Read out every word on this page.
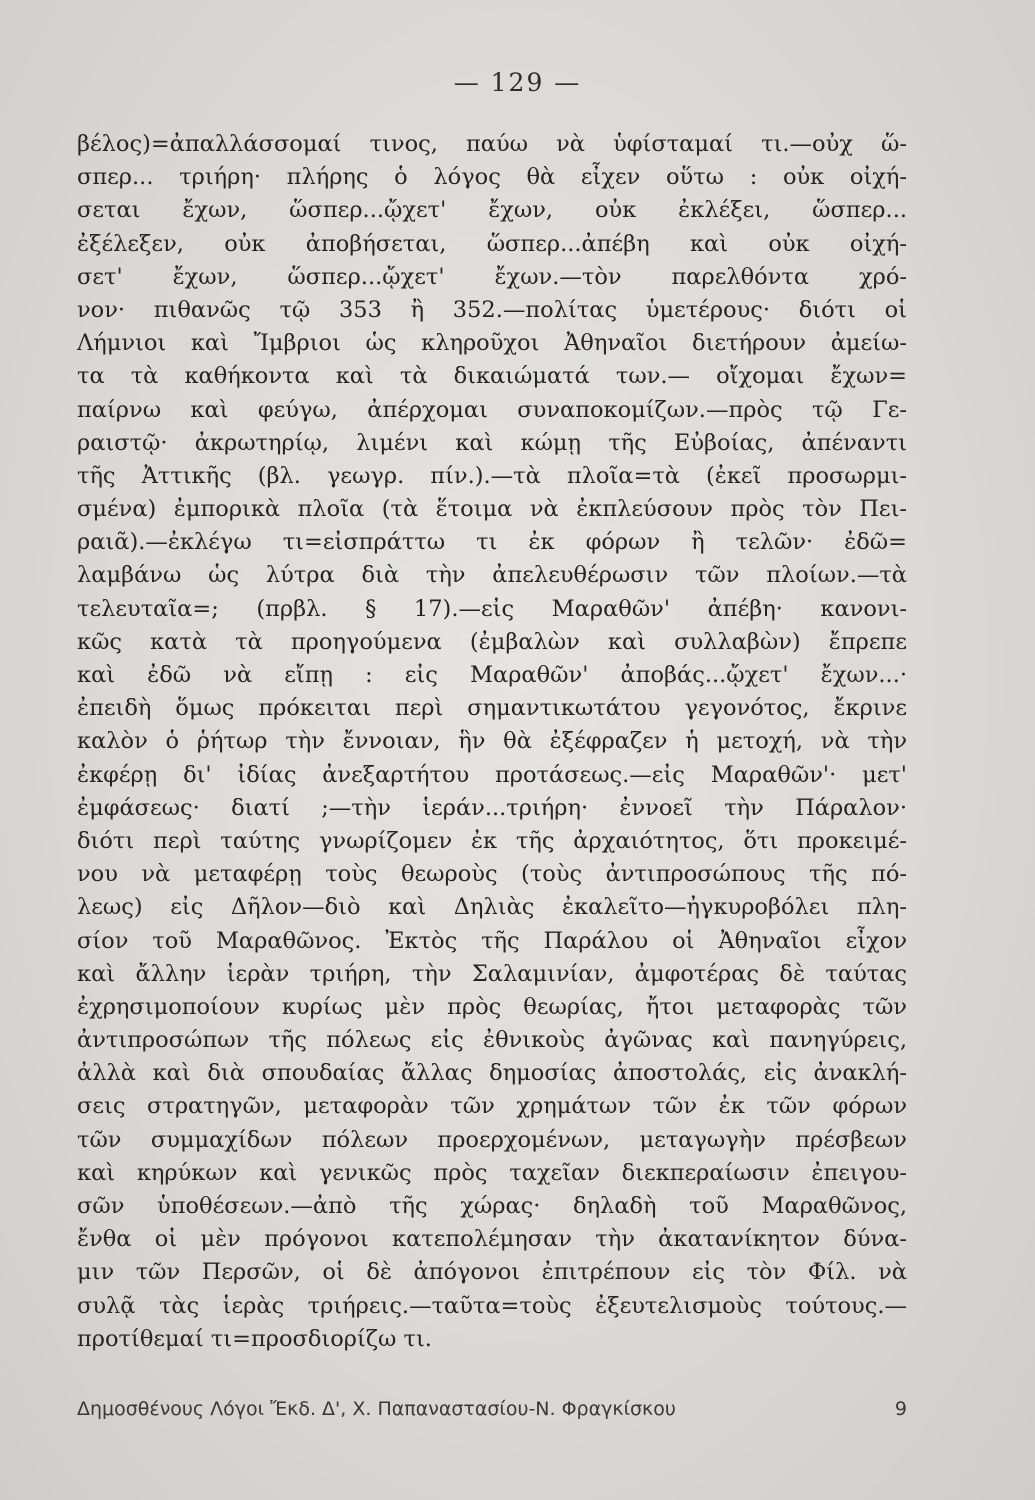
— 129 —
βέλος)=ἀπαλλάσσομαί τινος, παύω νὰ ὑφίσταμαί τι.—οὐχ ὥ-
σπερ... τριήρη· πλήρης ὁ λόγος θὰ εἶχεν οὕτω : οὐκ οἰχή-
σεται ἔχων, ὥσπερ...ᾤχετ' ἔχων, οὐκ ἐκλέξει, ὥσπερ...
ἐξέλεξεν, οὐκ ἀποβήσεται, ὥσπερ...ἀπέβη καὶ οὐκ οἰχή-
σετ' ἔχων, ὥσπερ...ᾤχετ' ἔχων.—τὸν παρελθόντα χρό-
νον· πιθανῶς τῷ 353 ἢ 352.—πολίτας ὑμετέρους· διότι οἱ
Λήμνιοι καὶ Ἴμβριοι ὡς κληροῦχοι Ἀθηναῖοι διετήρουν ἀμείω-
τα τὰ καθήκοντα καὶ τὰ δικαιώματά των.— οἴχομαι ἔχων=
παίρνω καὶ φεύγω, ἀπέρχομαι συναποκομίζων.—πρὸς τῷ Γε-
ραιστῷ· ἀκρωτηρίῳ, λιμένι καὶ κώμῃ τῆς Εὐβοίας, ἀπέναντι
τῆς Ἀττικῆς (βλ. γεωγρ. πίν.).—τὰ πλοῖα=τὰ (ἐκεῖ προσωρμι-
σμένα) ἐμπορικὰ πλοῖα (τὰ ἕτοιμα νὰ ἐκπλεύσουν πρὸς τὸν Πει-
ραιᾶ).—ἐκλέγω τι=εἰσπράττω τι ἐκ φόρων ἢ τελῶν· ἐδῶ=
λαμβάνω ὡς λύτρα διὰ τὴν ἀπελευθέρωσιν τῶν πλοίων.—τὰ
τελευταῖα=; (πρβλ. § 17).—εἰς Μαραθῶν' ἀπέβη· κανονι-
κῶς κατὰ τὰ προηγούμενα (ἐμβαλὼν καὶ συλλαβὼν) ἔπρεπε
καὶ ἐδῶ νὰ εἴπῃ : εἰς Μαραθῶν' ἀποβάς...ᾤχετ' ἔχων...·
ἐπειδὴ ὅμως πρόκειται περὶ σημαντικωτάτου γεγονότος, ἔκρινε
καλὸν ὁ ῥήτωρ τὴν ἔννοιαν, ἣν θὰ ἐξέφραζεν ἡ μετοχή, νὰ τὴν
ἐκφέρῃ δι' ἰδίας ἀνεξαρτήτου προτάσεως.—εἰς Μαραθῶν'· μετ'
ἐμφάσεως· διατί ;—τὴν ἱεράν...τριήρη· ἐννοεῖ τὴν Πάραλον·
διότι περὶ ταύτης γνωρίζομεν ἐκ τῆς ἀρχαιότητος, ὅτι προκειμέ-
νου νὰ μεταφέρῃ τοὺς θεωροὺς (τοὺς ἀντιπροσώπους τῆς πό-
λεως) εἰς Δῆλον—διὸ καὶ Δηλιὰς ἐκαλεῖτο—ἠγκυροβόλει πλη-
σίον τοῦ Μαραθῶνος. Ἐκτὸς τῆς Παράλου οἱ Ἀθηναῖοι εἶχον
καὶ ἄλλην ἱερὰν τριήρη, τὴν Σαλαμινίαν, ἀμφοτέρας δὲ ταύτας
ἐχρησιμοποίουν κυρίως μὲν πρὸς θεωρίας, ἤτοι μεταφορὰς τῶν
ἀντιπροσώπων τῆς πόλεως εἰς ἐθνικοὺς ἀγῶνας καὶ πανηγύρεις,
ἀλλὰ καὶ διὰ σπουδαίας ἄλλας δημοσίας ἀποστολάς, εἰς ἀνακλή-
σεις στρατηγῶν, μεταφορὰν τῶν χρημάτων τῶν ἐκ τῶν φόρων
τῶν συμμαχίδων πόλεων προερχομένων, μεταγωγὴν πρέσβεων
καὶ κηρύκων καὶ γενικῶς πρὸς ταχεῖαν διεκπεραίωσιν ἐπειγου-
σῶν ὑποθέσεων.—ἀπὸ τῆς χώρας· δηλαδὴ τοῦ Μαραθῶνος,
ἔνθα οἱ μὲν πρόγονοι κατεπολέμησαν τὴν ἀκατανίκητον δύνα-
μιν τῶν Περσῶν, οἱ δὲ ἀπόγονοι ἐπιτρέπουν εἰς τὸν Φίλ. νὰ
συλᾷ τὰς ἱερὰς τριήρεις.—ταῦτα=τοὺς ἐξευτελισμοὺς τούτους.—
προτίθεμαί τι=προσδιορίζω τι.
Δημοσθένους Λόγοι Ἔκδ. Δ', Χ. Παπαναστασίου-Ν. Φραγκίσκου	9
